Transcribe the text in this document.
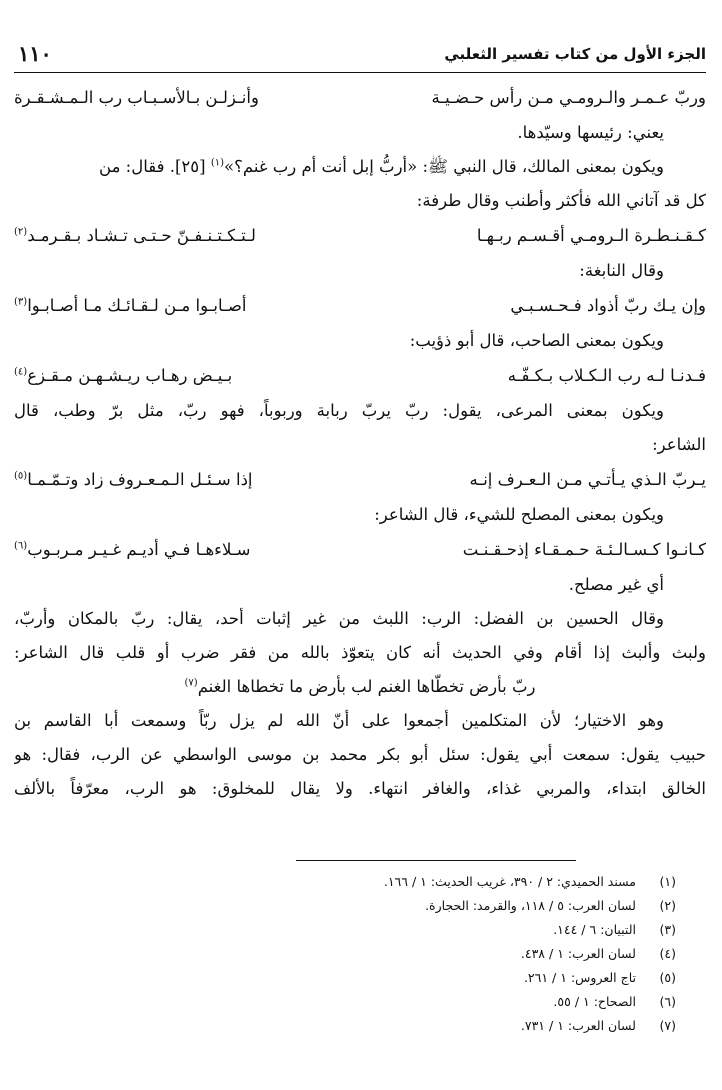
الجزء الأول من كتاب تفسير الثعلبي
١١٠
وربّ عـمـر والـرومـي مـن رأس حـضـيـة
وأنـزلـن بـالأسـبـاب رب الـمـشـقـرة
يعني: رئيسها وسيّدها.
ويكون بمعنى المالك، قال النبي ﷺ: «أربُّ إبل أنت أم رب غنم؟»$^{(١)}$ [٢٥]. فقال: من
كل قد آتاني الله فأكثر وأطنب وقال طرفة:
كـقـنـطـرة الـرومـي أقـسـم ربـهـا
لـتـكـتـنـفـنّ حـتـى تـشـاد بـقـرمـد$^{(٢)}$
وقال النابغة:
وإن يـك ربّ أذواد فـحـسـبـي
أصـابـوا مـن لـقـائـك مـا أصـابـوا$^{(٣)}$
ويكون بمعنى الصاحب، قال أبو ذؤيب:
فـدنـا لـه رب الـكـلاب بـكـفّـه
بـيـض رهـاب ريـشـهـن مـقـزع$^{(٤)}$
ويكون بمعنى المرعى، يقول: ربّ يربّ ربابة وربوباً، فهو ربّ، مثل برّ وطب، قال
الشاعر:
يـربّ الـذي يـأتـي مـن الـعـرف إنـه
إذا سـئـل الـمـعـروف زاد وتـمّـمـا$^{(٥)}$
ويكون بمعنى المصلح للشيء، قال الشاعر:
كـانـوا كـسـالـئـة حـمـقـاء إذحـقـنـت
سـلاءهـا فـي أديـم غـيـر مـربـوب$^{(٦)}$
أي غير مصلح.
وقال الحسين بن الفضل: الرب: اللبث من غير إثبات أحد، يقال: ربّ بالمكان وأربّ،
ولبث وألبث إذا أقام وفي الحديث أنه كان يتعوّذ بالله من فقر ضرب أو قلب قال الشاعر:
ربّ بأرض تخطّاها الغنم لب بأرض ما تخطاها الغنم$^{(٧)}$
وهو الاختيار؛ لأن المتكلمين أجمعوا على أنّ الله لم يزل ربّاً وسمعت أبا القاسم بن
حبيب يقول: سمعت أبي يقول: سئل أبو بكر محمد بن موسى الواسطي عن الرب، فقال: هو
الخالق ابتداء، والمربي غذاء، والغافر انتهاء. ولا يقال للمخلوق: هو الرب، معرّفاً بالألف
(١)
مسند الحميدي: ٢ / ٣٩٠، غريب الحديث: ١ / ١٦٦.
(٢)
لسان العرب: ٥ / ١١٨، والقرمد: الحجارة.
(٣)
التبيان: ٦ / ١٤٤.
(٤)
لسان العرب: ١ / ٤٣٨.
(٥)
تاج العروس: ١ / ٢٦١.
(٦)
الصحاح: ١ / ٥٥.
(٧)
لسان العرب: ١ / ٧٣١.
